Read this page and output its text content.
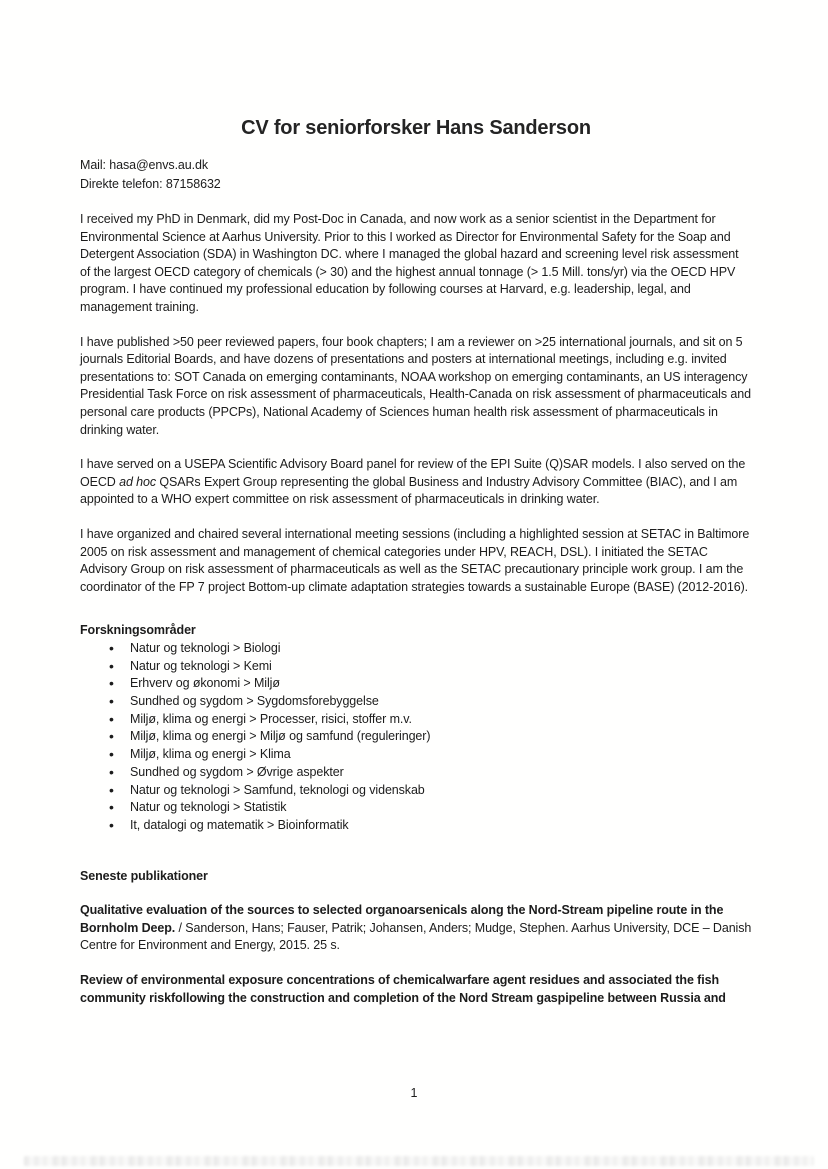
CV for seniorforsker Hans Sanderson

Mail: hasa@envs.au.dk

Direkte telefon: 87158632

I received my PhD in Denmark, did my Post-Doc in Canada, and now work as a senior scientist in the Department for Environmental Science at Aarhus University. Prior to this I worked as Director for Environmental Safety for the Soap and Detergent Association (SDA) in Washington DC. where I managed the global hazard and screening level risk assessment of the largest OECD category of chemicals (> 30) and the highest annual tonnage (> 1.5 Mill. tons/yr) via the OECD HPV program. I have continued my professional education by following courses at Harvard, e.g. leadership, legal, and management training.

I have published >50 peer reviewed papers, four book chapters; I am a reviewer on >25 international journals, and sit on 5 journals Editorial Boards, and have dozens of presentations and posters at international meetings, including e.g. invited presentations to: SOT Canada on emerging contaminants, NOAA workshop on emerging contaminants, an US interagency Presidential Task Force on risk assessment of pharmaceuticals, Health-Canada on risk assessment of pharmaceuticals and personal care products (PPCPs), National Academy of Sciences human health risk assessment of pharmaceuticals in drinking water.

I have served on a USEPA Scientific Advisory Board panel for review of the EPI Suite (Q)SAR models. I also served on the OECD ad hoc QSARs Expert Group representing the global Business and Industry Advisory Committee (BIAC), and I am appointed to a WHO expert committee on risk assessment of pharmaceuticals in drinking water.

I have organized and chaired several international meeting sessions (including a highlighted session at SETAC in Baltimore 2005 on risk assessment and management of chemical categories under HPV, REACH, DSL). I initiated the SETAC Advisory Group on risk assessment of pharmaceuticals as well as the SETAC precautionary principle work group. I am the coordinator of the FP 7 project Bottom-up climate adaptation strategies towards a sustainable Europe (BASE) (2012-2016).

Forskningsområder
• Natur og teknologi > Biologi
• Natur og teknologi > Kemi
• Erhverv og økonomi > Miljø
• Sundhed og sygdom > Sygdomsforebyggelse
• Miljø, klima og energi > Processer, risici, stoffer m.v.
• Miljø, klima og energi > Miljø og samfund (reguleringer)
• Miljø, klima og energi > Klima
• Sundhed og sygdom > Øvrige aspekter
• Natur og teknologi > Samfund, teknologi og videnskab
• Natur og teknologi > Statistik
• It, datalogi og matematik > Bioinformatik
Seneste publikationer

Qualitative evaluation of the sources to selected organoarsenicals along the Nord-Stream pipeline route in the Bornholm Deep. / Sanderson, Hans; Fauser, Patrik; Johansen, Anders; Mudge, Stephen. Aarhus University, DCE – Danish Centre for Environment and Energy, 2015. 25 s.

Review of environmental exposure concentrations of chemicalwarfare agent residues and associated the fish community riskfollowing the construction and completion of the Nord Stream gaspipeline between Russia and

1
